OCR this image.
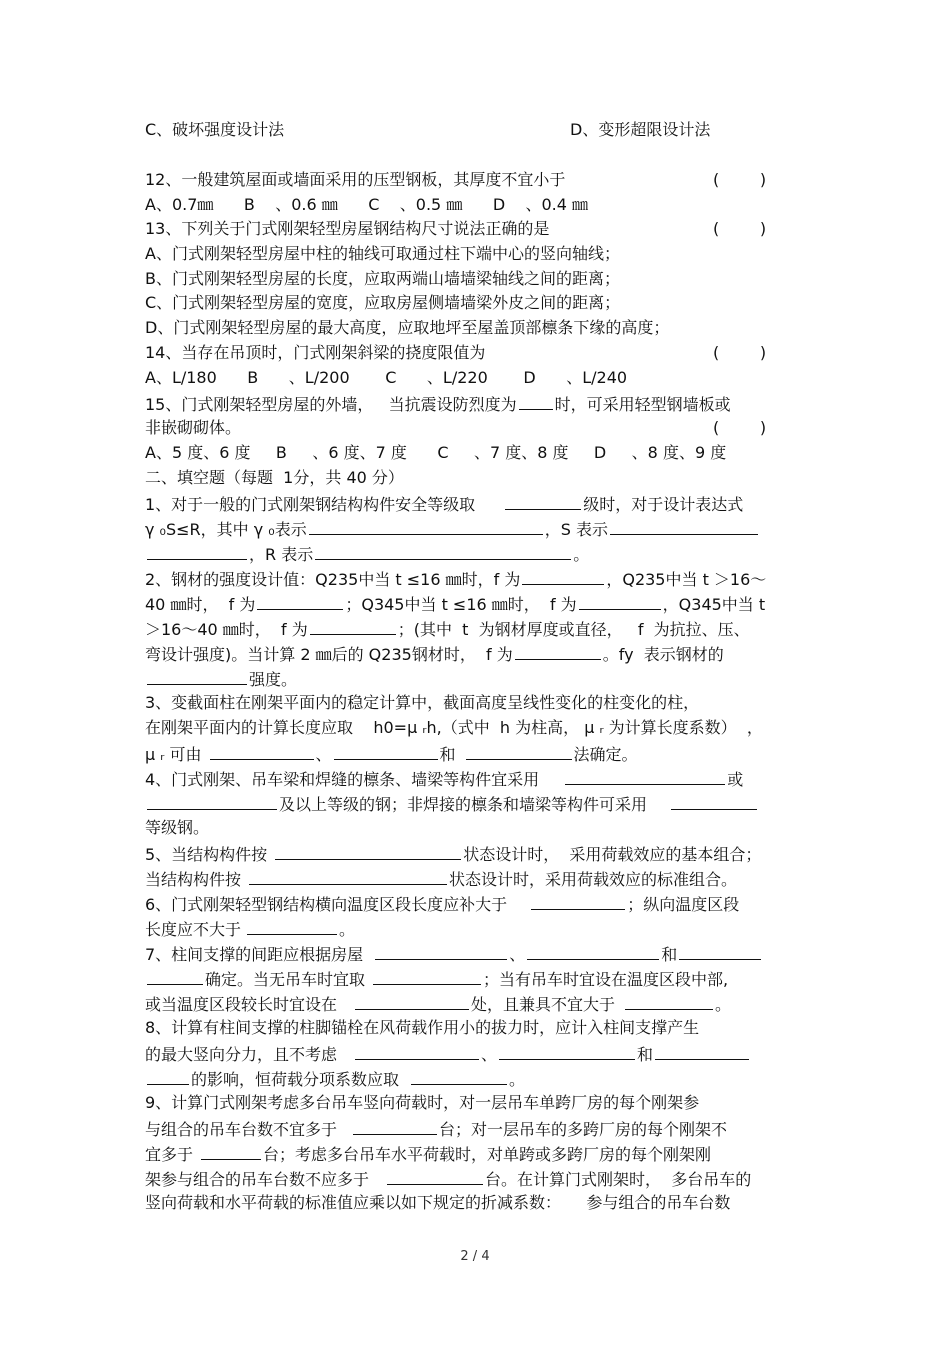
C、破坏强度设计法	D、变形超限设计法
12、一般建筑屋面或墙面采用的压型钢板，其厚度不宜小于	(        )
A、0.7㎜      B    、0.6 ㎜      C    、0.5 ㎜      D    、0.4 ㎜
13、下列关于门式刚架轻型房屋钢结构尺寸说法正确的是	(        )
A、门式刚架轻型房屋中柱的轴线可取通过柱下端中心的竖向轴线；
B、门式刚架轻型房屋的长度，应取两端山墙墙梁轴线之间的距离；
C、门式刚架轻型房屋的宽度，应取房屋侧墙墙梁外皮之间的距离；
D、门式刚架轻型房屋的最大高度，应取地坪至屋盖顶部檩条下缘的高度；
14、当存在吊顶时，门式刚架斜梁的挠度限值为	(        )
A、L/180      B      、L/200       C      、L/220       D      、L/240
15、门式刚架轻型房屋的外墙，   当抗震设防烈度为 时，可采用轻型钢墙板或
非嵌砌砌体。	(        )
A、5 度、6 度     B     、6 度、7 度      C     、7 度、8 度     D     、8 度、9 度
二、填空题（每题  1分，共 40 分）
1、对于一般的门式刚架钢结构构件安全等级取	级时，对于设计表达式
γ ₀S≤R，其中 γ ₀表示	，S 表示
，R 表示	。
2、钢材的强度设计值：Q235中当 t ≤16 ㎜时，f 为	，Q235中当 t ＞16～
40 ㎜时，  f 为	；Q345中当 t ≤16 ㎜时，  f 为	，Q345中当 t
＞16～40 ㎜时，  f 为	；(其中  t  为钢材厚度或直径，   f  为抗拉、压、
弯设计强度)。当计算 2 ㎜后的 Q235钢材时，  f 为	。fy  表示钢材的
强度。
3、变截面柱在刚架平面内的稳定计算中，截面高度呈线性变化的柱变化的柱，
在刚架平面内的计算长度应取    h0=μ ᵣh,（式中  h 为柱高， μ ᵣ 为计算长度系数）  ，
μ ᵣ 可由	、	和	法确定。
4、门式刚架、吊车梁和焊缝的檩条、墙梁等构件宜采用	或
及以上等级的钢；非焊接的檩条和墙梁等构件可采用
等级钢。
5、当结构构件按	状态设计时，  采用荷载效应的基本组合；
当结构构件按	状态设计时，采用荷载效应的标准组合。
6、门式刚架轻型钢结构横向温度区段长度应补大于	；纵向温度区段
长度应不大于	。
7、柱间支撑的间距应根据房屋	、	和
确定。当无吊车时宜取	；当有吊车时宜设在温度区段中部,
或当温度区段较长时宜设在	处，且兼具不宜大于	。
8、计算有柱间支撑的柱脚锚栓在风荷载作用小的拔力时，应计入柱间支撑产生
的最大竖向分力，且不考虑	、	和
的影响，恒荷载分项系数应取	。
9、计算门式刚架考虑多台吊车竖向荷载时，对一层吊车单跨厂房的每个刚架参
与组合的吊车台数不宜多于	台；对一层吊车的多跨厂房的每个刚架不
宜多于	台；考虑多台吊车水平荷载时，对单跨或多跨厂房的每个刚架刚
架参与组合的吊车台数不应多于	台。在计算门式刚架时，  多台吊车的
竖向荷载和水平荷载的标准值应乘以如下规定的折减系数：     参与组合的吊车台数
2 / 4
